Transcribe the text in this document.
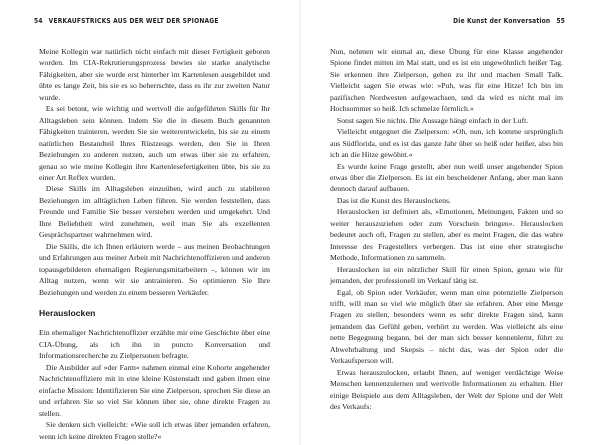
54 VERKAUFSTRICKS AUS DER WELT DER SPIONAGE

Meine Kollegin war natürlich nicht einfach mit dieser Fertigkeit geboren worden. Im CIA-Rekrutierungsprozess bewies sie starke analytische Fähigkeiten, aber sie wurde erst hinterher im Kartenlesen ausgebildet und übte es lange Zeit, bis sie es so beherrschte, dass es ihr zur zweiten Natur wurde.

Es sei betont, wie wichtig und wertvoll die aufgeführten Skills für Ihr Alltagsleben sein können. Indem Sie die in diesem Buch genannten Fähigkeiten trainieren, werden Sie sie weiterentwickeln, bis sie zu einem natürlichen Bestandteil Ihres Rüstzeugs werden, den Sie in Ihren Beziehungen zu anderen nutzen, auch um etwas über sie zu erfahren, genau so wie meine Kollegin ihre Kartenlesefertigkeiten übte, bis sie zu einer Art Reflex wurden.

Diese Skills im Alltagsleben einzuüben, wird auch zu stabileren Beziehungen im alltäglichen Leben führen. Sie werden feststellen, dass Freunde und Familie Sie besser verstehen werden und umgekehrt. Und Ihre Beliebtheit wird zunehmen, weil man Sie als exzellenten Gesprächspartner wahrnehmen wird.

Die Skills, die ich Ihnen erläutern werde – aus meinen Beobachtungen und Erfahrungen aus meiner Arbeit mit Nachrichtenoffizieren und anderen topausgebildeten ehemaligen Regierungsmitarbeitern –, können wir im Alltag nutzen, wenn wir sie antrainieren. So optimieren Sie Ihre Beziehungen und werden zu einem besseren Verkäufer.

Herauslocken

Ein ehemaliger Nachrichtenoffizier erzählte mir eine Geschichte über eine CIA-Übung, als ich ihn in puncto Konversation und Informationsrecherche zu Zielpersonen befragte.

Die Ausbilder auf »der Farm« nahmen einmal eine Kohorte angehender Nachrichtenoffiziere mit in eine kleine Küstenstadt und gaben ihnen eine einfache Mission: Identifizieren Sie eine Zielperson, sprechen Sie diese an und erfahren Sie so viel Sie können über sie, ohne direkte Fragen zu stellen.

Sie denken sich vielleicht: »Wie soll ich etwas über jemanden erfahren, wenn ich keine direkten Fragen stelle?«

Die Kunst der Konversation 55

Nun, nehmen wir einmal an, diese Übung für eine Klasse angehender Spione findet mitten im Mai statt, und es ist ein ungewöhnlich heißer Tag. Sie erkennen ihre Zielperson, gehen zu ihr und machen Small Talk. Vielleicht sagen Sie etwas wie: »Puh, was für eine Hitze! Ich bin im pazifischen Nordwesten aufgewachsen, und da wird es nicht mal im Hochsommer so heiß. Ich schmelze förmlich.«

Sonst sagen Sie nichts. Die Aussage hängt einfach in der Luft.

Vielleicht entgegnet die Zielperson: »Oh, nun, ich komme ursprünglich aus Südflorida, und es ist das ganze Jahr über so heiß oder heißer, also bin ich an die Hitze gewöhnt.«

Es wurde keine Frage gestellt, aber nun weiß unser angehender Spion etwas über die Zielperson. Es ist ein bescheidener Anfang, aber man kann dennoch darauf aufbauen.

Das ist die Kunst des Herauslockens.

Herauslocken ist definiert als, »Emotionen, Meinungen, Fakten und so weiter herauszuziehen oder zum Vorschein bringen«. Herauslocken bedeutet auch oft, Fragen zu stellen, aber es meint Fragen, die das wahre Interesse des Fragestellers verbergen. Das ist eine eher strategische Methode, Informationen zu sammeln.

Herauslocken ist ein nützlicher Skill für einen Spion, genau wie für jemanden, der professionell im Verkauf tätig ist.

Egal, ob Spion oder Verkäufer, wenn man eine potenzielle Zielperson trifft, will man so viel wie möglich über sie erfahren. Aber eine Menge Fragen zu stellen, besonders wenn es sehr direkte Fragen sind, kann jemandem das Gefühl geben, verhört zu werden. Was vielleicht als eine nette Begegnung begann, bei der man sich besser kennenlernt, führt zu Abwehrhaltung und Skepsis – nicht das, was der Spion oder die Verkaufsperson will.

Etwas herauszulocken, erlaubt Ihnen, auf weniger verdächtige Weise Menschen kennenzulernen und wertvolle Informationen zu erhalten. Hier einige Beispiele aus dem Alltagsleben, der Welt der Spione und der Welt des Verkaufs:
